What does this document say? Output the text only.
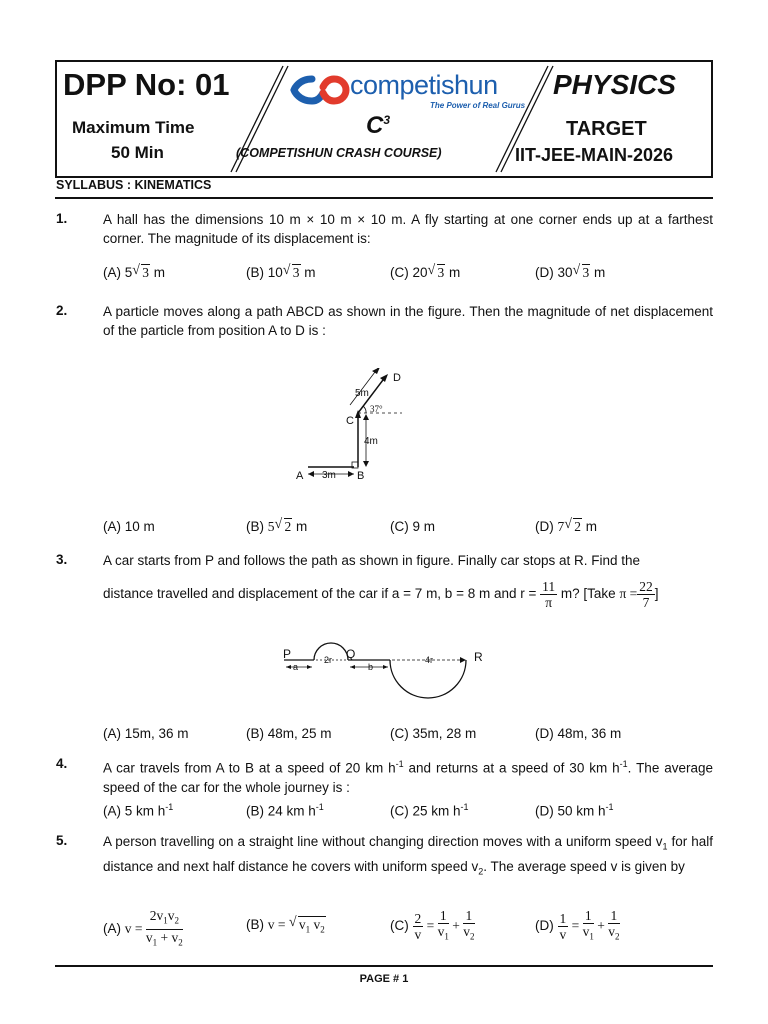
DPP No: 01
Maximum Time
50 Min
competishun
The Power of Real Gurus
$C^3$
(COMPETISHUN CRASH COURSE)
PHYSICS
TARGET
IIT-JEE-MAIN-2026
SYLLABUS : KINEMATICS
1.	A hall has the dimensions 10 m × 10 m × 10 m. A fly starting at one corner ends up at a farthest corner. The magnitude of its displacement is:
(A) 5 √ 3 m	(B) 10 √ 3 m	(C) 20 √ 3 m	(D) 30 √ 3 m
2.	A particle moves along a path ABCD as shown in the figure. Then the magnitude of net displacement of the particle from position A to D is :
A	B
C
D
3m
4m
5m
37°
(A) 10 m	(B) 5 √ 2 m	(C) 9 m	(D) 7 √ 2 m
3.	A car starts from P and follows the path as shown in figure. Finally car stops at R. Find the
distance travelled and displacement of the car if a = 7 m, b = 8 m and $r = \frac{11}{\pi} m$? [Take $\pi = \frac{22}{7}$ ]
P	Q	R
a
2r
b
4r
(A) 15m, 36 m	(B) 48m, 25 m	(C) 35m, 28 m	(D) 48m, 36 m
4.	A car travels from A to B at a speed of 20 km $h^{-1}$ and returns at a speed of 30 km $h^{-1}$. The average speed of the car for the whole journey is :
(A) 5 km $h^{-1}$	(B) 24 km $h^{-1}$	(C) 25 km $h^{-1}$	(D) 50 km $h^{-1}$
5.	A person travelling on a straight line without changing direction moves with a uniform speed $v_1$ for half distance and next half distance he covers with uniform speed $v_2$. The average speed v is given by
(A) $v = \frac{2v_1v_2}{v_1 + v_2}$	(B) v = √ $v_1$ $v_2$	$(C) \frac{2}{v} = \frac{1}{v_1} + \frac{1}{v_2}$	$(D) \frac{1}{v} = \frac{1}{v_1} + \frac{1}{v_2}$
PAGE # 1
